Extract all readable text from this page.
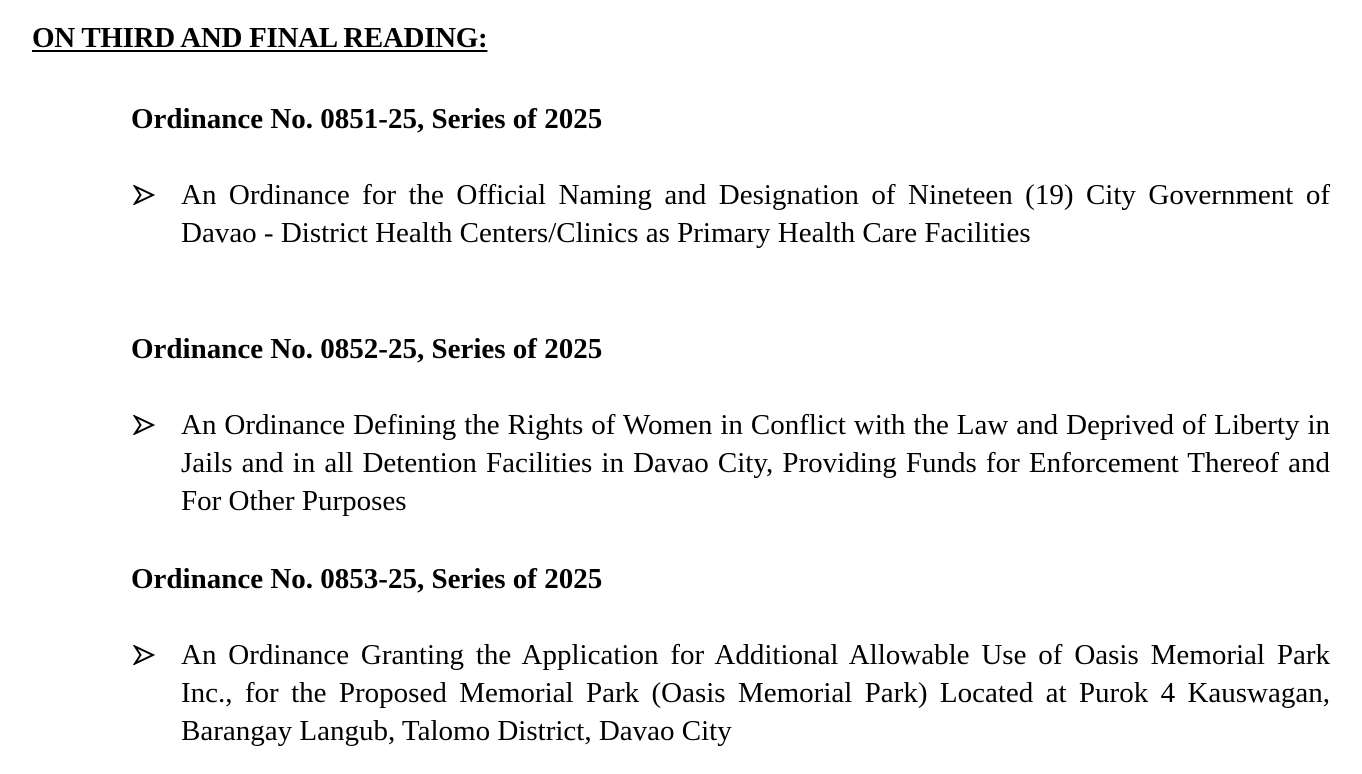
ON THIRD AND FINAL READING:
Ordinance No. 0851-25, Series of 2025

An Ordinance for the Official Naming and Designation of Nineteen (19) City Government of Davao - District Health Centers/Clinics as Primary Health Care Facilities

Ordinance No. 0852-25, Series of 2025

An Ordinance Defining the Rights of Women in Conflict with the Law and Deprived of Liberty in Jails and in all Detention Facilities in Davao City, Providing Funds for Enforcement Thereof and For Other Purposes

Ordinance No. 0853-25, Series of 2025

An Ordinance Granting the Application for Additional Allowable Use of Oasis Memorial Park Inc., for the Proposed Memorial Park (Oasis Memorial Park) Located at Purok 4 Kauswagan, Barangay Langub, Talomo District, Davao City
